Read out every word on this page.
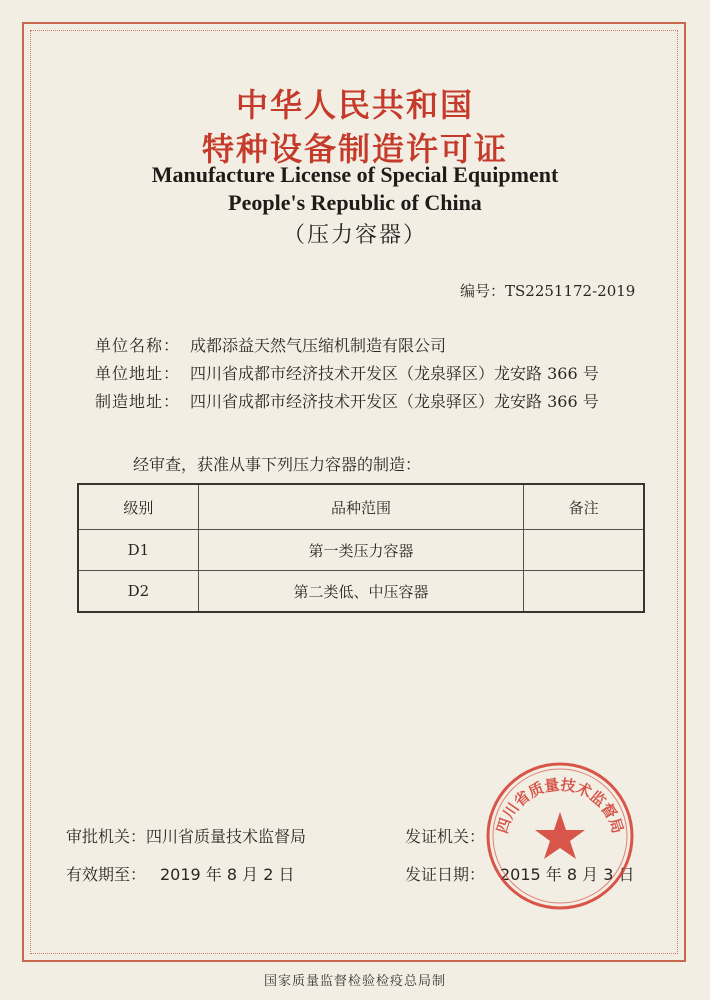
中华人民共和国
特种设备制造许可证
Manufacture License of Special Equipment
People's Republic of China
（压力容器）
编号：TS2251172-2019
单位名称： 成都添益天然气压缩机制造有限公司
单位地址： 四川省成都市经济技术开发区（龙泉驿区）龙安路 366 号
制造地址： 四川省成都市经济技术开发区（龙泉驿区）龙安路 366 号
经审查，获准从事下列压力容器的制造：
级别	品种范围	备注
D1	第一类压力容器	
D2	第二类低、中压容器	
审批机关： 四川省质量技术监督局	发证机关：
有效期至： 2019 年 8 月 2 日	发证日期： 2015 年 8 月 3 日
四川省质量技术监督局
国家质量监督检验检疫总局制
